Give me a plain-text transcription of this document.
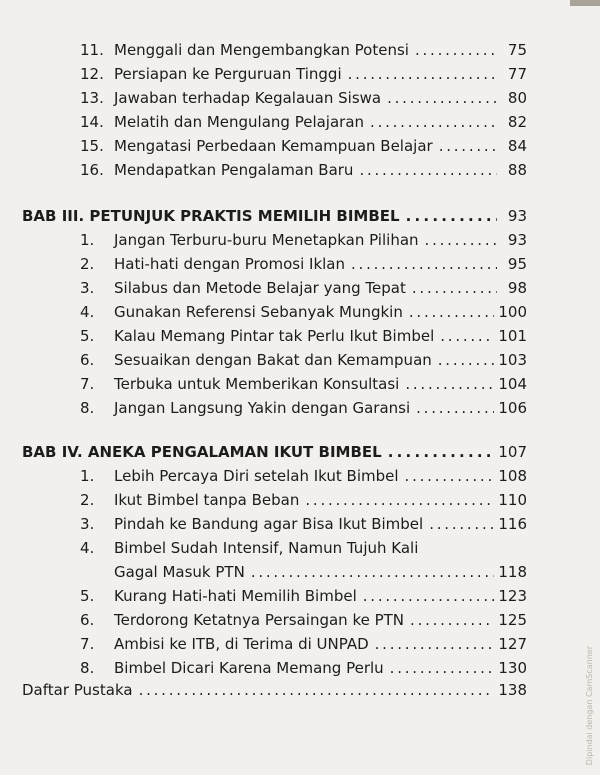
11. Menggali dan Mengembangkan Potensi . . .	75
12. Persiapan ke Perguruan Tinggi . . .	77
13. Jawaban terhadap Kegalauan Siswa . . .	80
14. Melatih dan Mengulang Pelajaran . . .	82
15. Mengatasi Perbedaan Kemampuan Belajar . . .	84
16. Mendapatkan Pengalaman Baru . . .	88
BAB III. PETUNJUK PRAKTIS MEMILIH BIMBEL . . .	93
1.	Jangan Terburu-buru Menetapkan Pilihan . . .	93
2.	Hati-hati dengan Promosi Iklan . . .	95
3.	Silabus dan Metode Belajar yang Tepat . . .	98
4.	Gunakan Referensi Sebanyak Mungkin . . .	100
5.	Kalau Memang Pintar tak Perlu Ikut Bimbel . . .	101
6.	Sesuaikan dengan Bakat dan Kemampuan . . .	103
7.	Terbuka untuk Memberikan Konsultasi . . .	104
8.	Jangan Langsung Yakin dengan Garansi . . .	106
BAB IV. ANEKA PENGALAMAN IKUT BIMBEL . . .	107
1.	Lebih Percaya Diri setelah Ikut Bimbel . . .	108
2.	Ikut Bimbel tanpa Beban . . .	110
3.	Pindah ke Bandung agar Bisa Ikut Bimbel . . .	116
4.	Bimbel Sudah Intensif, Namun Tujuh Kali
Gagal Masuk PTN . . .	118
5.	Kurang Hati-hati Memilih Bimbel . . .	123
6.	Terdorong Ketatnya Persaingan ke PTN . . .	125
7.	Ambisi ke ITB, di Terima di UNPAD . . .	127
8.	Bimbel Dicari Karena Memang Perlu . . .	130
Daftar Pustaka . . .	138	Dipindai dengan CamScanner
